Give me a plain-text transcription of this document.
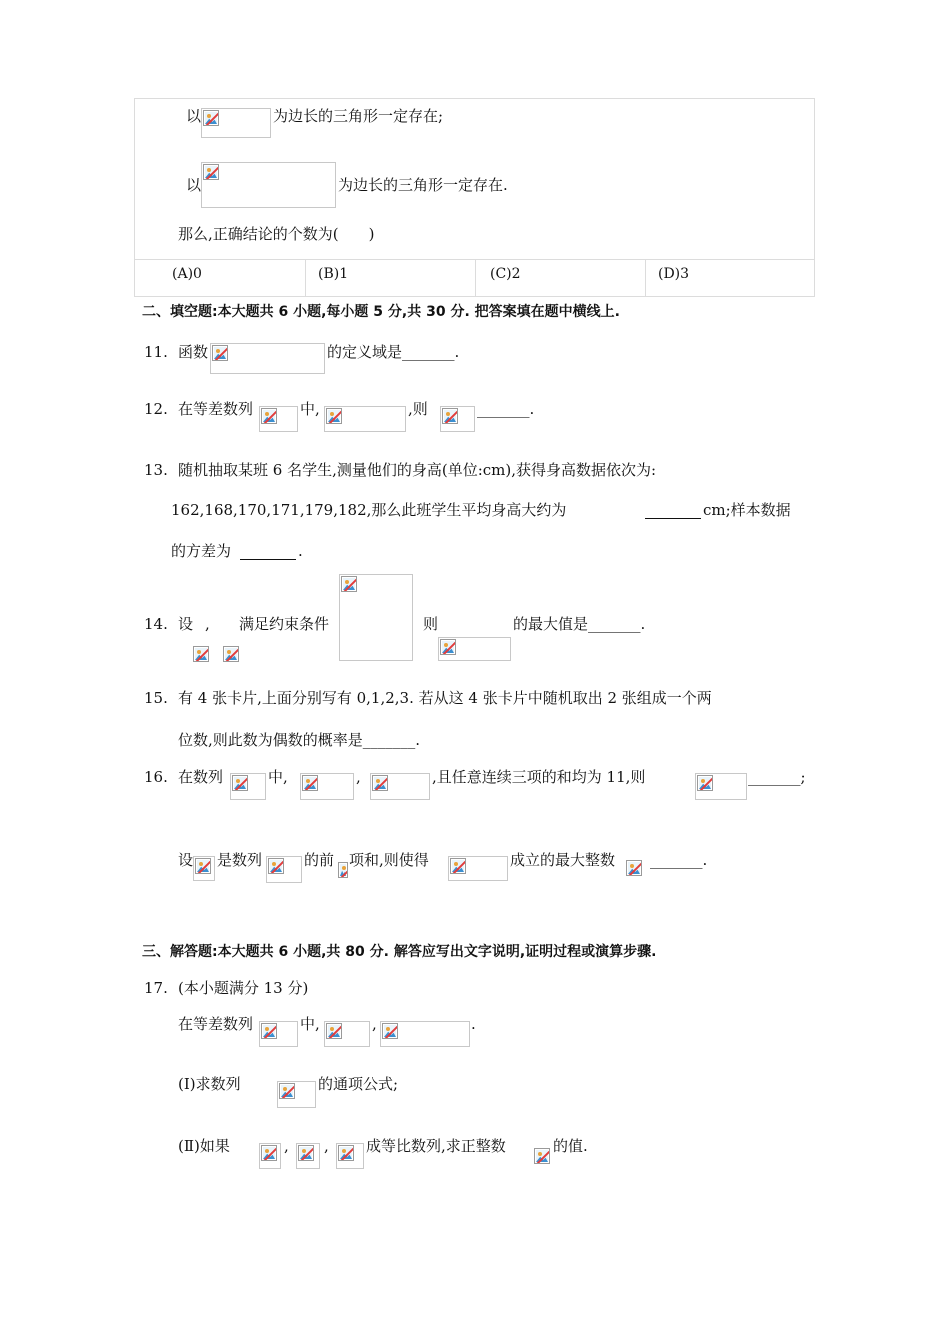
以	为边长的三角形一定存在;
以	为边长的三角形一定存在.
那么,正确结论的个数为(　　)
(A)0	(B)1	(C)2	(D)3
二、填空题:本大题共 6 小题,每小题 5 分,共 30 分. 把答案填在题中横线上.
11. 函数	的定义域是_______.
12. 在等差数列	中,	,则	_______.
13. 随机抽取某班 6 名学生,测量他们的身高(单位:cm),获得身高数据依次为:
162,168,170,171,179,182,那么此班学生平均身高大约为	cm;样本数据
的方差为	.
14. 设 , 满足约束条件	则	的最大值是_______.
15. 有 4 张卡片,上面分别写有 0,1,2,3. 若从这 4 张卡片中随机取出 2 张组成一个两
位数,则此数为偶数的概率是_______.
16. 在数列	中,	,	,且任意连续三项的和均为 11,则	_______;
设 是数列	的前 项和,则使得	成立的最大整数 _______.
三、解答题:本大题共 6 小题,共 80 分. 解答应写出文字说明,证明过程或演算步骤.
17. (本小题满分 13 分)
在等差数列	中,	,	.
(Ⅰ)求数列	的通项公式;
(Ⅱ)如果	, , 成等比数列,求正整数	的值.
